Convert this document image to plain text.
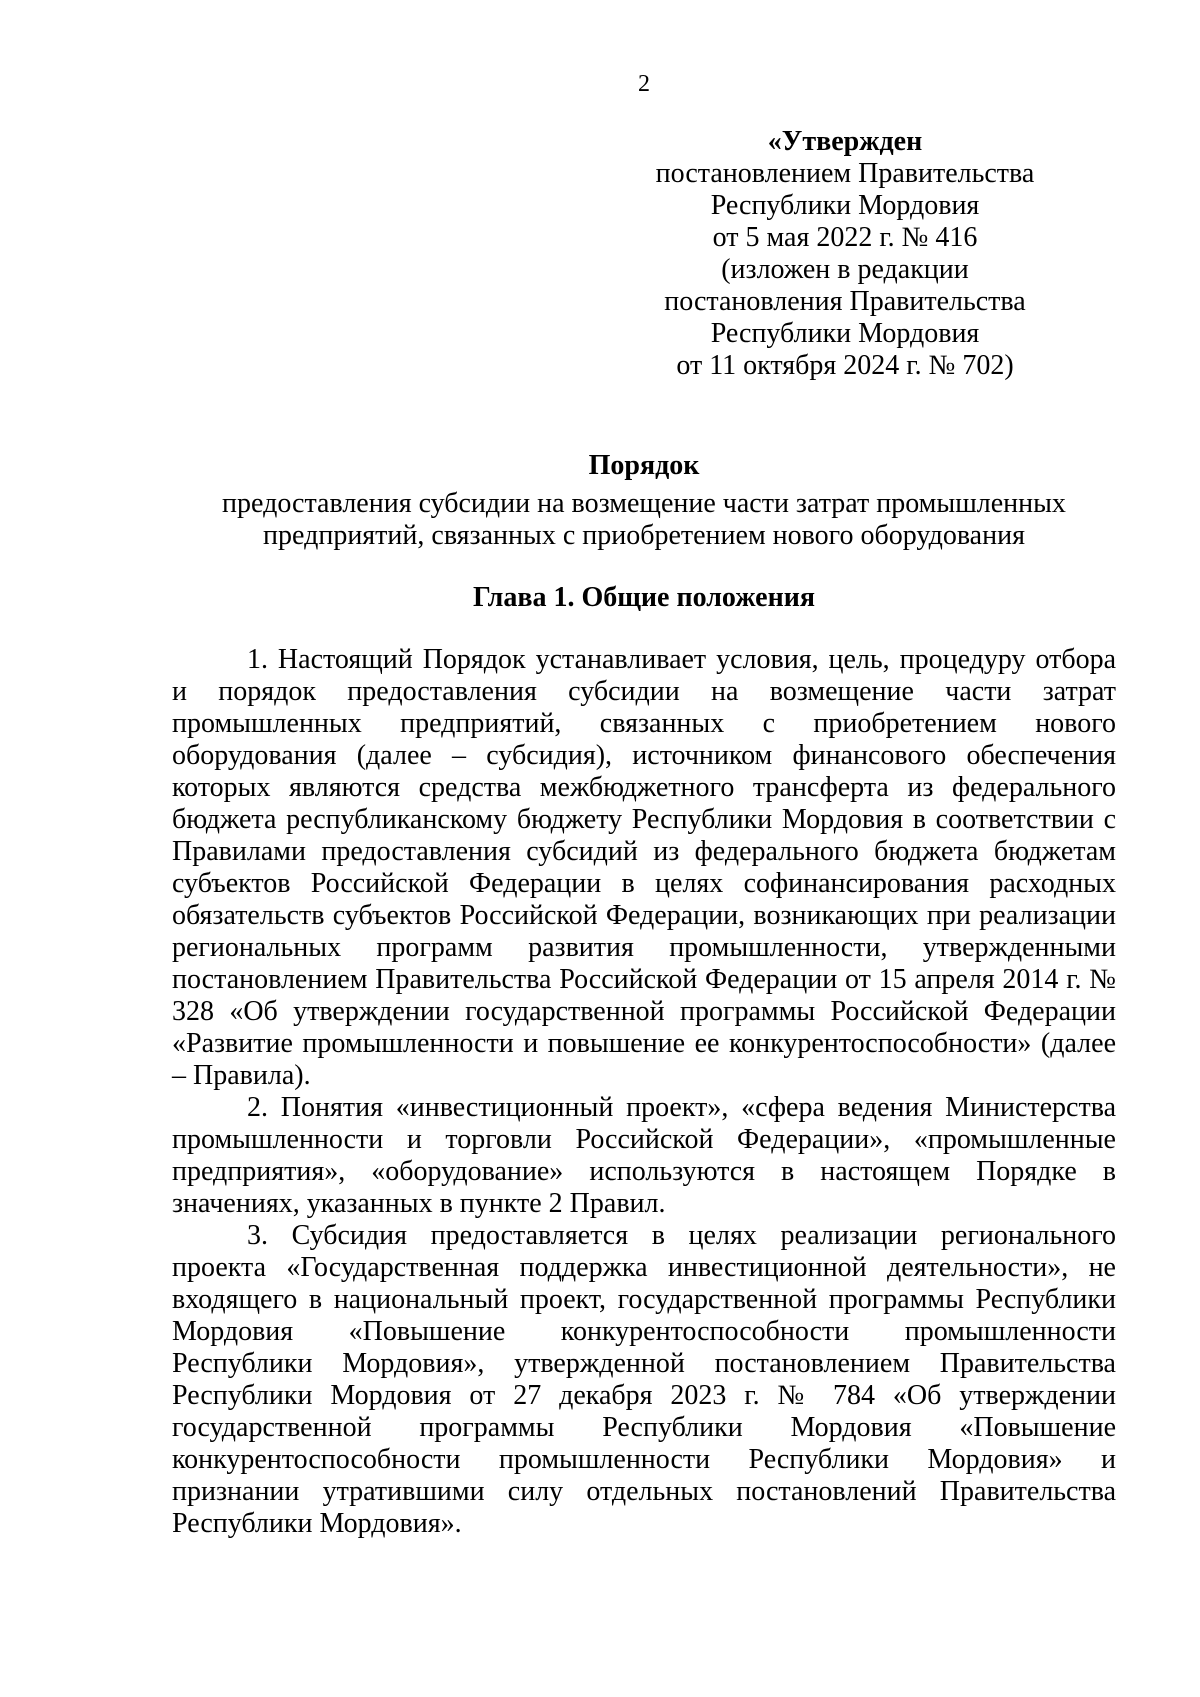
2
«Утвержден
постановлением Правительства
Республики Мордовия
от 5 мая 2022 г. № 416
(изложен в редакции
постановления Правительства
Республики Мордовия
от 11 октября 2024 г. № 702)
Порядок
предоставления субсидии на возмещение части затрат промышленных
предприятий, связанных с приобретением нового оборудования
Глава 1. Общие положения

1. Настоящий Порядок устанавливает условия, цель, процедуру отбора и порядок предоставления субсидии на возмещение части затрат промышленных предприятий, связанных с приобретением нового оборудования (далее – субсидия), источником финансового обеспечения которых являются средства межбюджетного трансферта из федерального бюджета республиканскому бюджету Республики Мордовия в соответствии с Правилами предоставления субсидий из федерального бюджета бюджетам субъектов Российской Федерации в целях софинансирования расходных обязательств субъектов Российской Федерации, возникающих при реализации региональных программ развития промышленности, утвержденными постановлением Правительства Российской Федерации от 15 апреля 2014 г. № 328 «Об утверждении государственной программы Российской Федерации «Развитие промышленности и повышение ее конкурентоспособности» (далее – Правила).

2. Понятия «инвестиционный проект», «сфера ведения Министерства промышленности и торговли Российской Федерации», «промышленные предприятия», «оборудование» используются в настоящем Порядке в значениях, указанных в пункте 2 Правил.

3. Субсидия предоставляется в целях реализации регионального проекта «Государственная поддержка инвестиционной деятельности», не входящего в национальный проект, государственной программы Республики Мордовия «Повышение конкурентоспособности промышленности Республики Мордовия», утвержденной постановлением Правительства Республики Мордовия от 27 декабря 2023 г. № 784 «Об утверждении государственной программы Республики Мордовия «Повышение конкурентоспособности промышленности Республики Мордовия» и признании утратившими силу отдельных постановлений Правительства Республики Мордовия».
